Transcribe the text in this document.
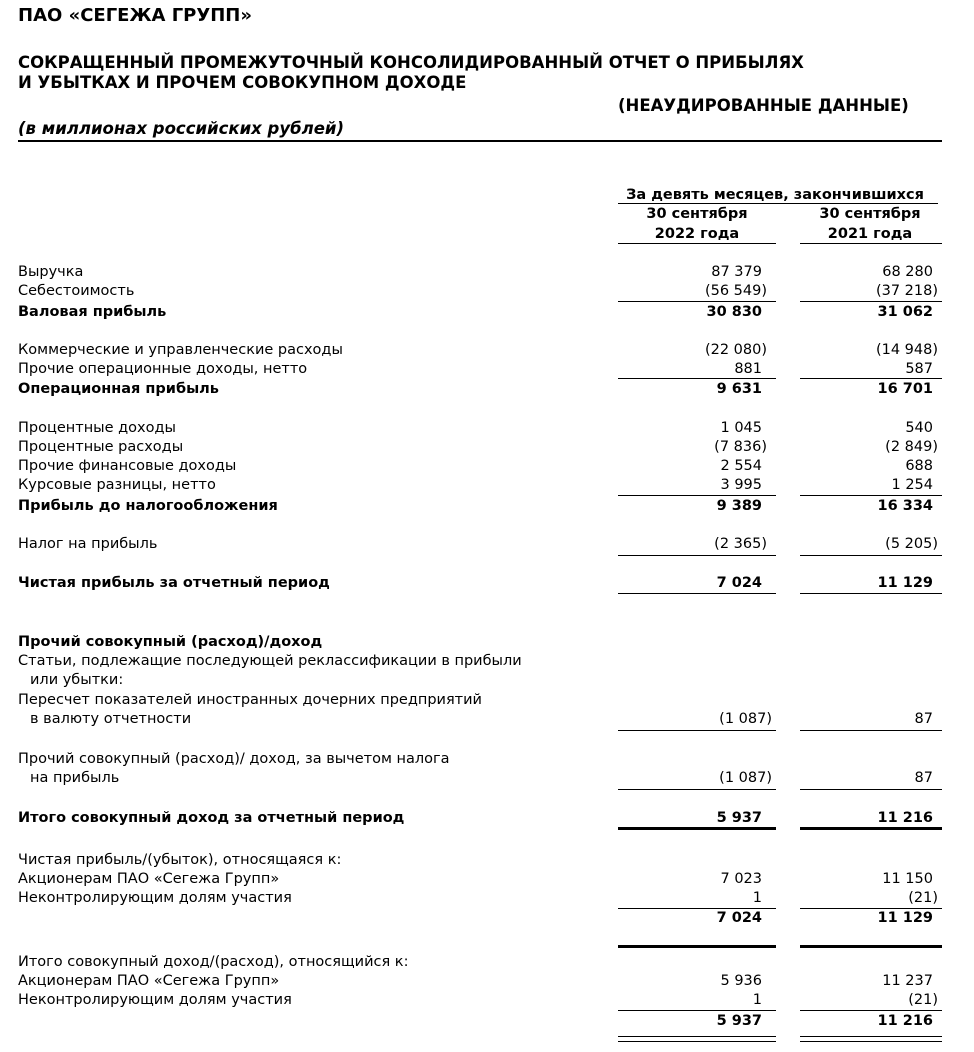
ПАО «СЕГЕЖА ГРУПП»
СОКРАЩЕННЫЙ ПРОМЕЖУТОЧНЫЙ КОНСОЛИДИРОВАННЫЙ ОТЧЕТ О ПРИБЫЛЯХ
И УБЫТКАХ И ПРОЧЕМ СОВОКУПНОМ ДОХОДЕ
(НЕАУДИРОВАННЫЕ ДАННЫЕ)
(в миллионах российских рублей)
За девять месяцев, закончившихся
30 сентября
2022 года
30 сентября
2021 года
Выручка	87 379	68 280
Себестоимость	(56 549)	(37 218)
Валовая прибыль	30 830	31 062
Коммерческие и управленческие расходы	(22 080)	(14 948)
Прочие операционные доходы, нетто	881	587
Операционная прибыль	9 631	16 701
Процентные доходы	1 045	540
Процентные расходы	(7 836)	(2 849)
Прочие финансовые доходы	2 554	688
Курсовые разницы, нетто	3 995	1 254
Прибыль до налогообложения	9 389	16 334
Налог на прибыль	(2 365)	(5 205)
Чистая прибыль за отчетный период	7 024	11 129
Прочий совокупный (расход)/доход
Статьи, подлежащие последующей реклассификации в прибыли
или убытки:
Пересчет показателей иностранных дочерних предприятий
в валюту отчетности	(1 087)	87
Прочий совокупный (расход)/ доход, за вычетом налога
на прибыль	(1 087)	87
Итого совокупный доход за отчетный период	5 937	11 216
Чистая прибыль/(убыток), относящаяся к:
Акционерам ПАО «Сегежа Групп»	7 023	11 150
Неконтролирующим долям участия	1	(21)
7 024	11 129
Итого совокупный доход/(расход), относящийся к:
Акционерам ПАО «Сегежа Групп»	5 936	11 237
Неконтролирующим долям участия	1	(21)
5 937	11 216
